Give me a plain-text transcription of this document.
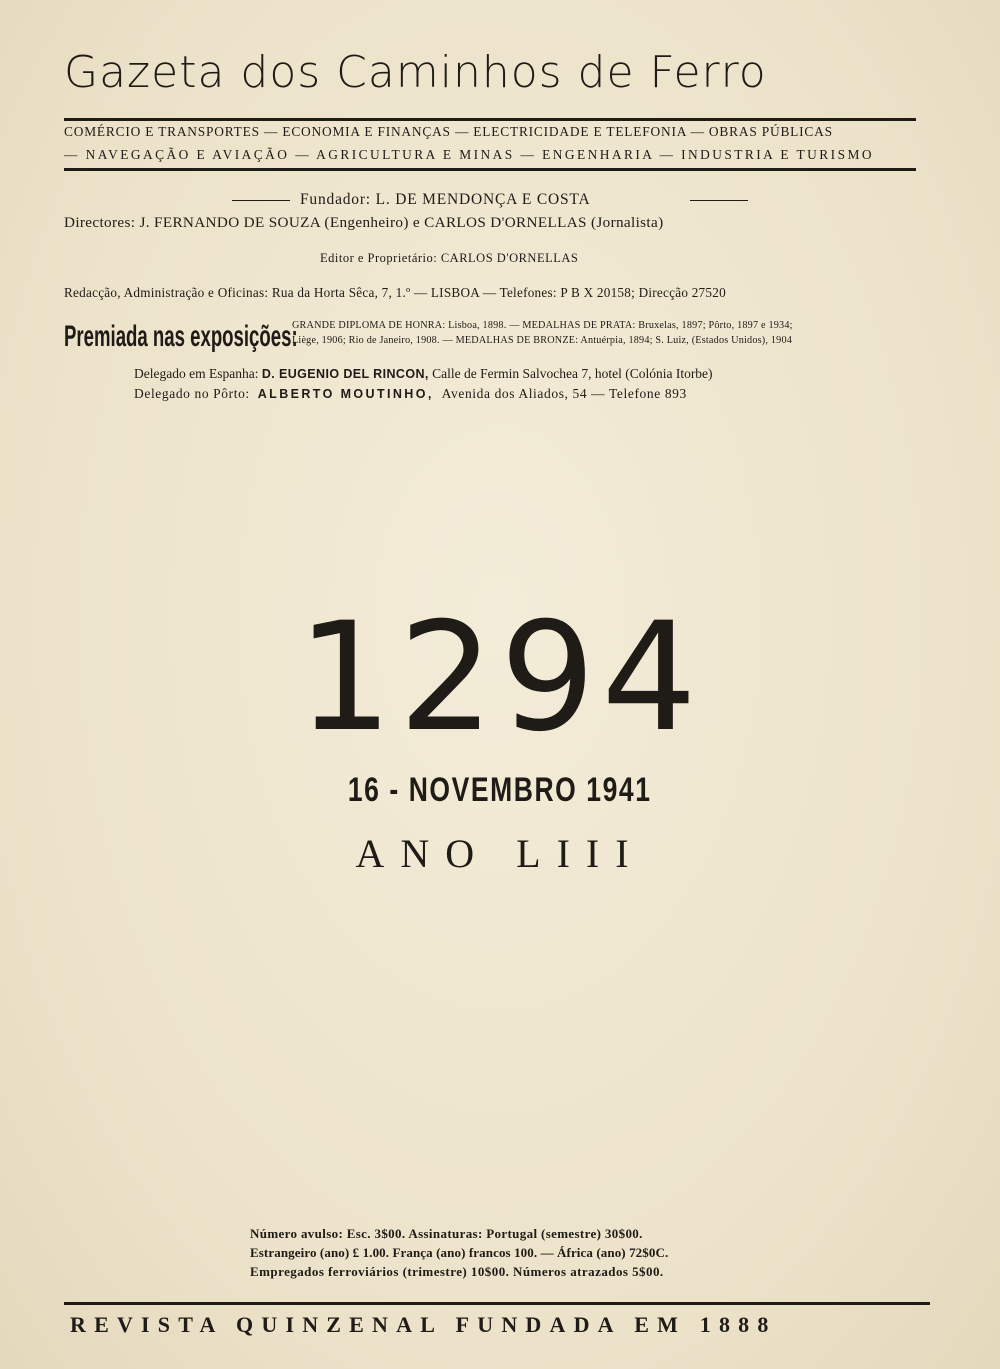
Gazeta dos Caminhos de Ferro
COMÉRCIO E TRANSPORTES — ECONOMIA E FINANÇAS — ELECTRICIDADE E TELEFONIA — OBRAS PÚBLICAS
— NAVEGAÇÃO E AVIAÇÃO — AGRICULTURA E MINAS — ENGENHARIA — INDUSTRIA E TURISMO
Fundador: L. DE MENDONÇA E COSTA
Directores: J. FERNANDO DE SOUZA (Engenheiro) e CARLOS D'ORNELLAS (Jornalista)
Editor e Proprietário: CARLOS D'ORNELLAS
Redacção, Administração e Oficinas: Rua da Horta Sêca, 7, 1.º — LISBOA — Telefones: P B X 20158; Direcção 27520
Premiada nas exposições:
GRANDE DIPLOMA DE HONRA: Lisboa, 1898. — MEDALHAS DE PRATA: Bruxelas, 1897; Pôrto, 1897 e 1934;
Liège, 1906; Rio de Janeiro, 1908. — MEDALHAS DE BRONZE: Antuérpia, 1894; S. Luiz, (Estados Unidos), 1904
Delegado em Espanha: D. EUGENIO DEL RINCON, Calle de Fermin Salvochea 7, hotel (Colónia Itorbe)
Delegado no Pôrto: ALBERTO MOUTINHO, Avenida dos Aliados, 54 — Telefone 893
1294
16 - NOVEMBRO 1941
ANO LIII
Número avulso: Esc. 3$00. Assinaturas: Portugal (semestre) 30$00.
Estrangeiro (ano) £ 1.00. França (ano) francos 100. — África (ano) 72$0C.
Empregados ferroviários (trimestre) 10$00. Números atrazados 5$00.
REVISTA QUINZENAL FUNDADA EM 1888
